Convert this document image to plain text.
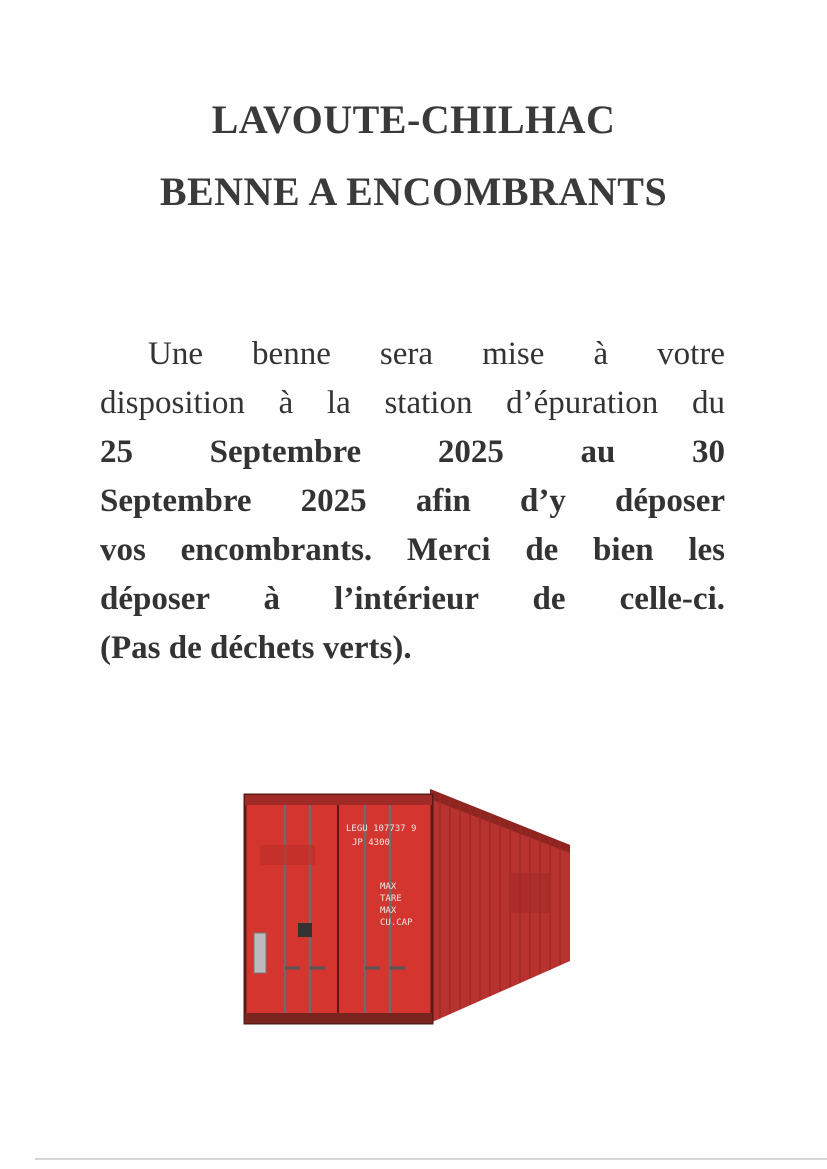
LAVOUTE-CHILHAC
BENNE A ENCOMBRANTS
Une benne sera mise à votre
disposition à la station d’épuration du
25 Septembre 2025 au 30
Septembre 2025 afin d’y déposer
vos encombrants. Merci de bien les
déposer à l’intérieur de celle-ci.
(Pas de déchets verts).
LEGU 107737 9
JP 4300
MAX
TARE
MAX
CU.CAP
